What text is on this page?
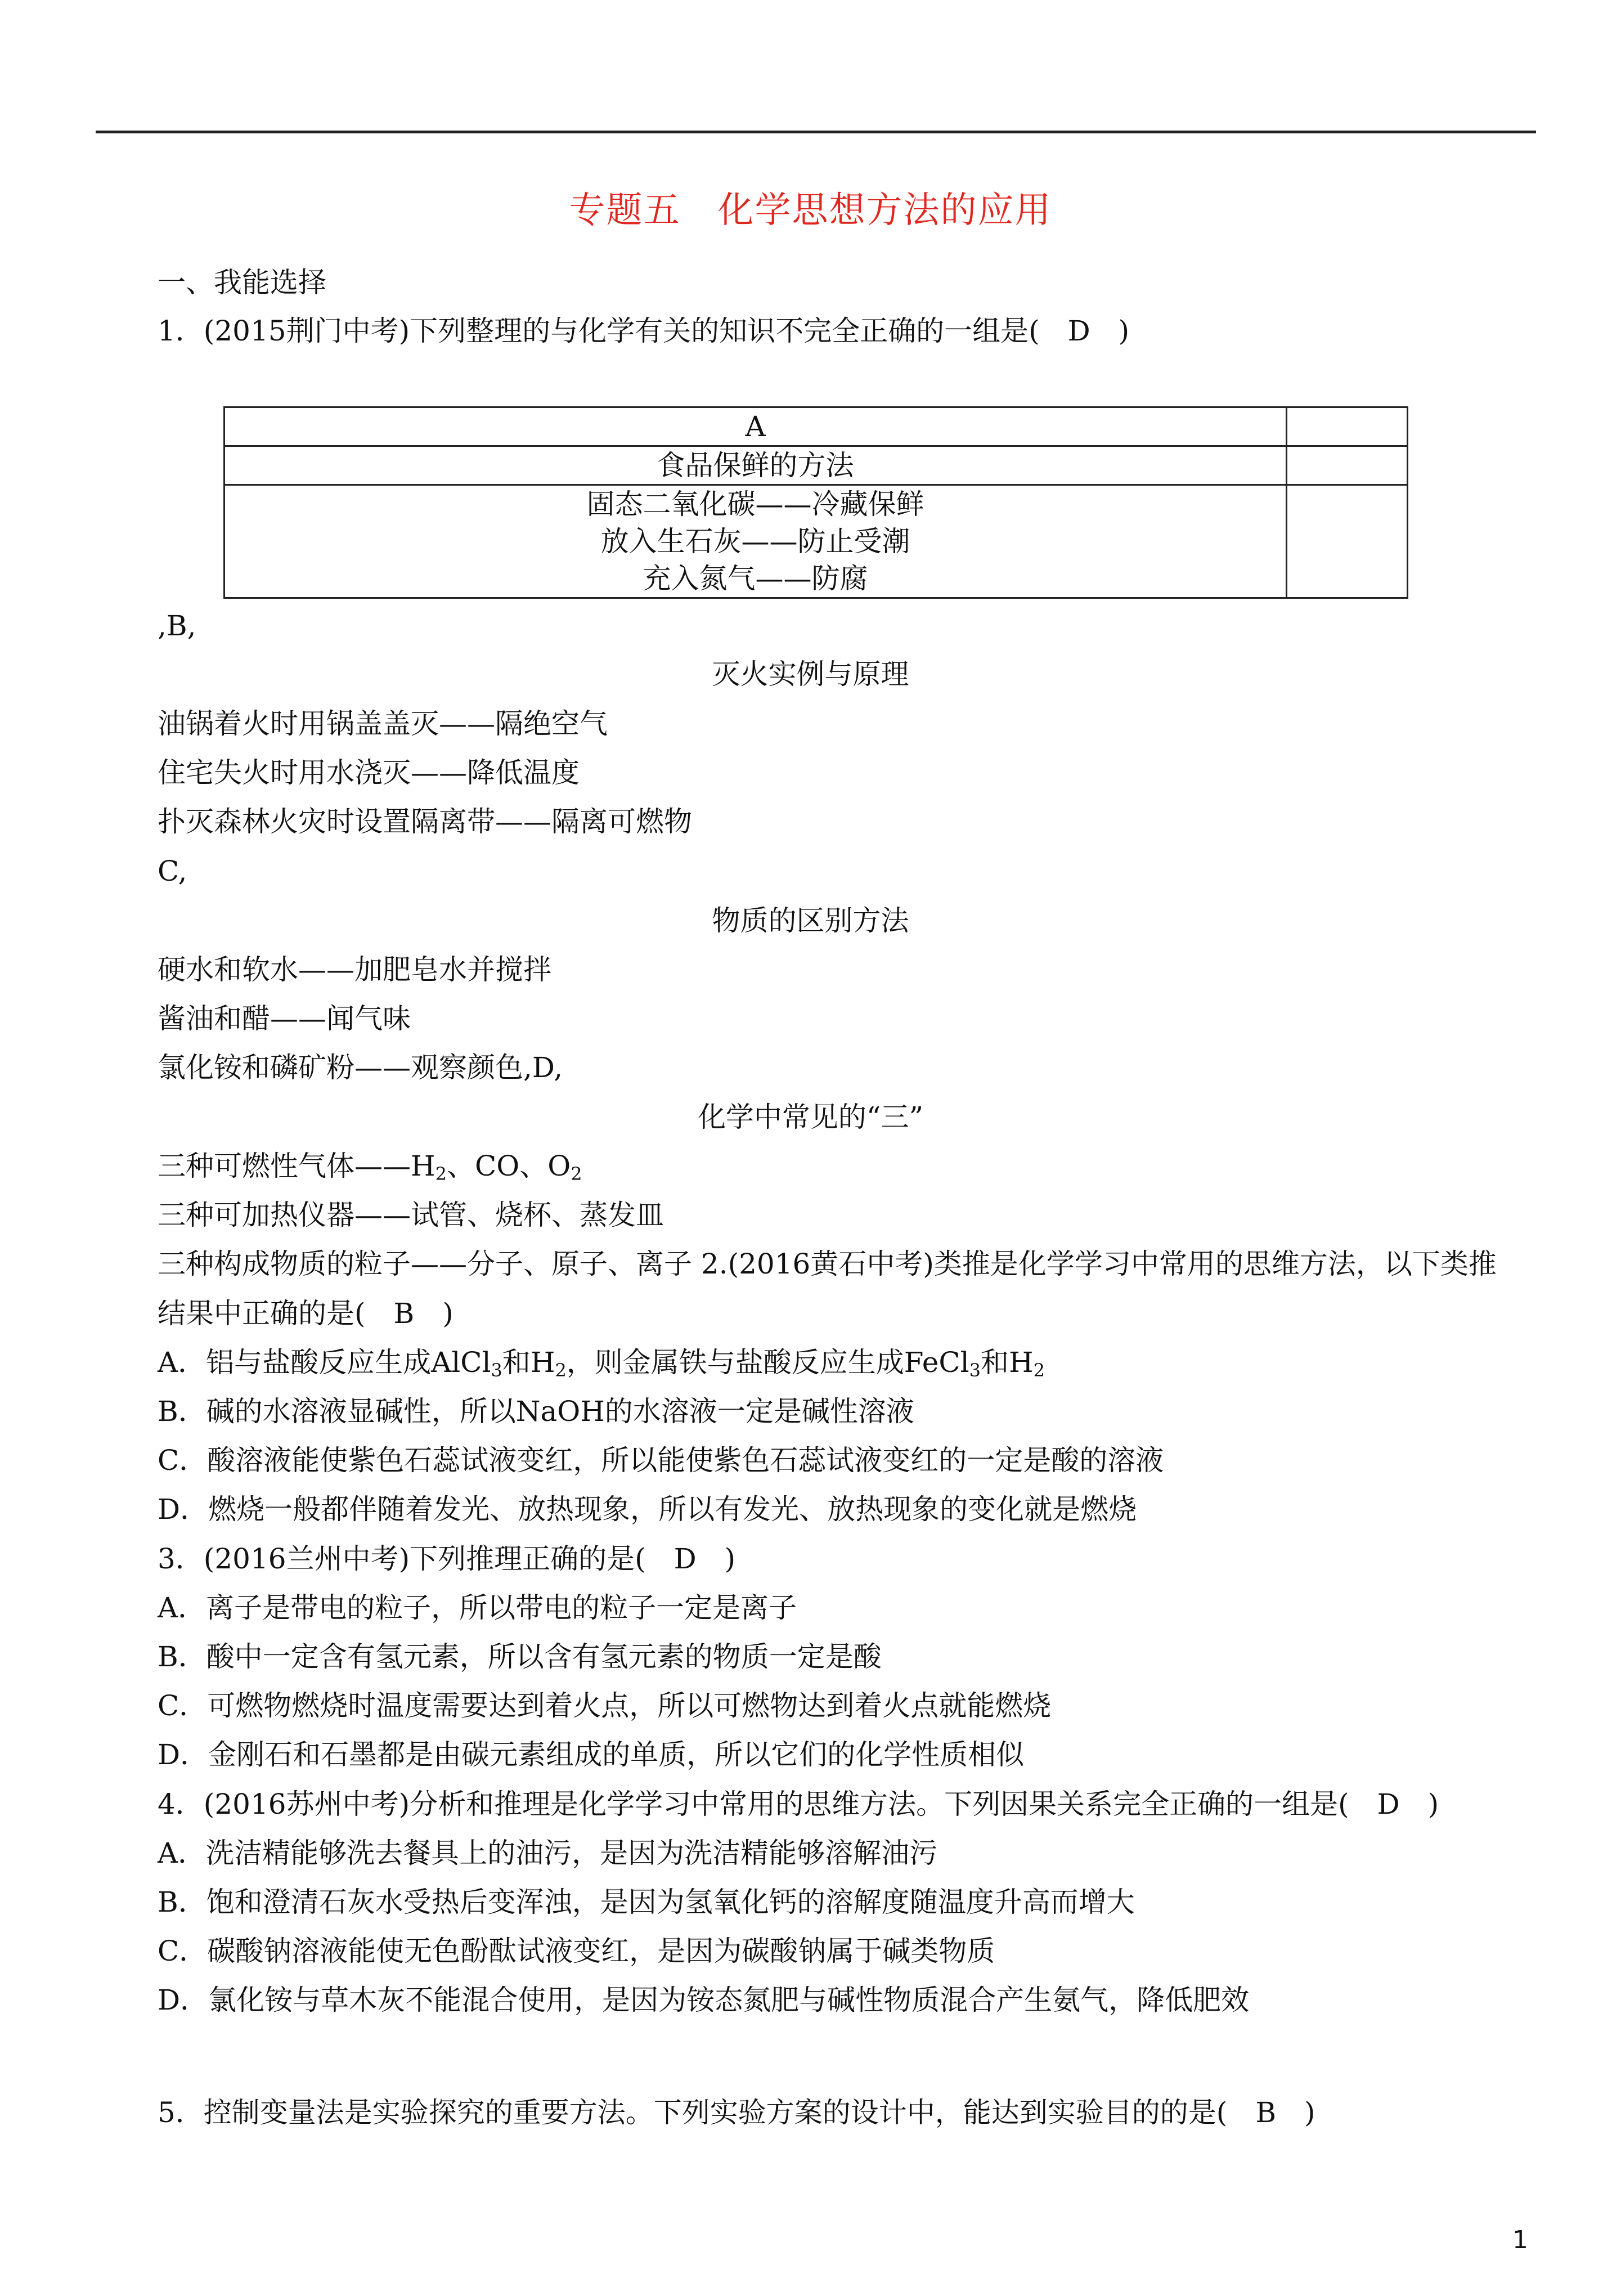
专题五　化学思想方法的应用
一、我能选择
1．(2015荆门中考)下列整理的与化学有关的知识不完全正确的一组是(　D　)
A	
食品保鲜的方法	

固态二氧化碳——冷藏保鲜
放入生石灰——防止受潮
充入氮气——防腐	

,B,
灭火实例与原理
油锅着火时用锅盖盖灭——隔绝空气
住宅失火时用水浇灭——降低温度
扑灭森林火灾时设置隔离带——隔离可燃物
C,
物质的区别方法
硬水和软水——加肥皂水并搅拌
酱油和醋——闻气味
氯化铵和磷矿粉——观察颜色,D,
化学中常见的“三”
三种可燃性气体$——H_2$、CO、$O_2$
三种可加热仪器——试管、烧杯、蒸发皿
三种构成物质的粒子——分子、原子、离子 2.(2016黄石中考)类推是化学学习中常用的思维方法，以下类推
结果中正确的是(　B　)
A．铝与盐酸反应生成AlCl$_3$和$H_2$，则金属铁与盐酸反应生成FeCl$_3$和$H_2$
B．碱的水溶液显碱性，所以NaOH的水溶液一定是碱性溶液
C．酸溶液能使紫色石蕊试液变红，所以能使紫色石蕊试液变红的一定是酸的溶液
D．燃烧一般都伴随着发光、放热现象，所以有发光、放热现象的变化就是燃烧
3．(2016兰州中考)下列推理正确的是(　D　)
A．离子是带电的粒子，所以带电的粒子一定是离子
B．酸中一定含有氢元素，所以含有氢元素的物质一定是酸
C．可燃物燃烧时温度需要达到着火点，所以可燃物达到着火点就能燃烧
D．金刚石和石墨都是由碳元素组成的单质，所以它们的化学性质相似
4．(2016苏州中考)分析和推理是化学学习中常用的思维方法。下列因果关系完全正确的一组是(　D　)
A．洗洁精能够洗去餐具上的油污，是因为洗洁精能够溶解油污
B．饱和澄清石灰水受热后变浑浊，是因为氢氧化钙的溶解度随温度升高而增大
C．碳酸钠溶液能使无色酚酞试液变红，是因为碳酸钠属于碱类物质
D．氯化铵与草木灰不能混合使用，是因为铵态氮肥与碱性物质混合产生氨气，降低肥效
5．控制变量法是实验探究的重要方法。下列实验方案的设计中，能达到实验目的的是(　B　)
1
